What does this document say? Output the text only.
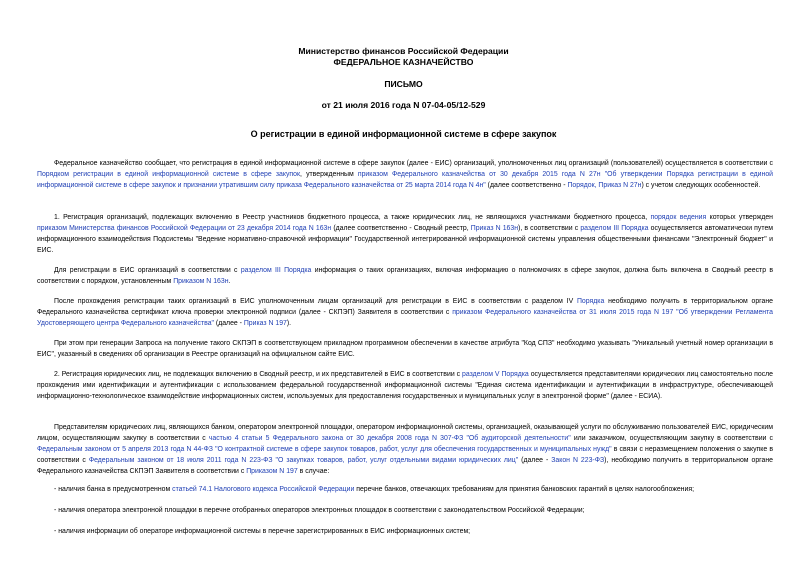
Министерство финансов Российской Федерации
ФЕДЕРАЛЬНОЕ КАЗНАЧЕЙСТВО
ПИСЬМО
от 21 июля 2016 года N 07-04-05/12-529
О регистрации в единой информационной системе в сфере закупок

Федеральное казначейство сообщает, что регистрация в единой информационной системе в сфере закупок (далее - ЕИС) организаций, уполномоченных лиц организаций (пользователей) осуществляется в соответствии с Порядком регистрации в единой информационной системе в сфере закупок, утвержденным приказом Федерального казначейства от 30 декабря 2015 года N 27н "Об утверждении Порядка регистрации в единой информационной системе в сфере закупок и признании утратившим силу приказа Федерального казначейства от 25 марта 2014 года N 4н" (далее соответственно - Порядок, Приказ N 27н) с учетом следующих особенностей.

1. Регистрация организаций, подлежащих включению в Реестр участников бюджетного процесса, а также юридических лиц, не являющихся участниками бюджетного процесса, порядок ведения которых утвержден приказом Министерства финансов Российской Федерации от 23 декабря 2014 года N 163н (далее соответственно - Сводный реестр, Приказ N 163н), в соответствии с разделом III Порядка осуществляется автоматически путем информационного взаимодействия Подсистемы "Ведение нормативно-справочной информации" Государственной интегрированной информационной системы управления общественными финансами "Электронный бюджет" и ЕИС.

Для регистрации в ЕИС организаций в соответствии с разделом III Порядка информация о таких организациях, включая информацию о полномочиях в сфере закупок, должна быть включена в Сводный реестр в соответствии с порядком, установленным Приказом N 163н.

После прохождения регистрации таких организаций в ЕИС уполномоченным лицам организаций для регистрации в ЕИС в соответствии с разделом IV Порядка необходимо получить в территориальном органе Федерального казначейства сертификат ключа проверки электронной подписи (далее - СКПЭП) Заявителя в соответствии с приказом Федерального казначейства от 31 июля 2015 года N 197 "Об утверждении Регламента Удостоверяющего центра Федерального казначейства" (далее - Приказ N 197).

При этом при генерации Запроса на получение такого СКПЭП в соответствующем прикладном программном обеспечении в качестве атрибута "Код СПЗ" необходимо указывать "Уникальный учетный номер организации в ЕИС", указанный в сведениях об организации в Реестре организаций на официальном сайте ЕИС.

2. Регистрация юридических лиц, не подлежащих включению в Сводный реестр, и их представителей в ЕИС в соответствии с разделом V Порядка осуществляется представителями юридических лиц самостоятельно после прохождения ими идентификации и аутентификации с использованием федеральной государственной информационной системы "Единая система идентификации и аутентификации в инфраструктуре, обеспечивающей информационно-технологическое взаимодействие информационных систем, используемых для предоставления государственных и муниципальных услуг в электронной форме" (далее - ЕСИА).

Представителям юридических лиц, являющихся банком, оператором электронной площадки, оператором информационной системы, организацией, оказывающей услуги по обслуживанию пользователей ЕИС, юридическим лицом, осуществляющим закупку в соответствии с частью 4 статьи 5 Федерального закона от 30 декабря 2008 года N 307-ФЗ "Об аудиторской деятельности" или заказчиком, осуществляющим закупку в соответствии с Федеральным законом от 5 апреля 2013 года N 44-ФЗ "О контрактной системе в сфере закупок товаров, работ, услуг для обеспечения государственных и муниципальных нужд" в связи с неразмещением положения о закупке в соответствии с Федеральным законом от 18 июля 2011 года N 223-ФЗ "О закупках товаров, работ, услуг отдельными видами юридических лиц" (далее - Закон N 223-ФЗ), необходимо получить в территориальном органе Федерального казначейства СКПЭП Заявителя в соответствии с Приказом N 197 в случае:

- наличия банка в предусмотренном статьей 74.1 Налогового кодекса Российской Федерации перечне банков, отвечающих требованиям для принятия банковских гарантий в целях налогообложения;

- наличия оператора электронной площадки в перечне отобранных операторов электронных площадок в соответствии с законодательством Российской Федерации;

- наличия информации об операторе информационной системы в перечне зарегистрированных в ЕИС информационных систем;
